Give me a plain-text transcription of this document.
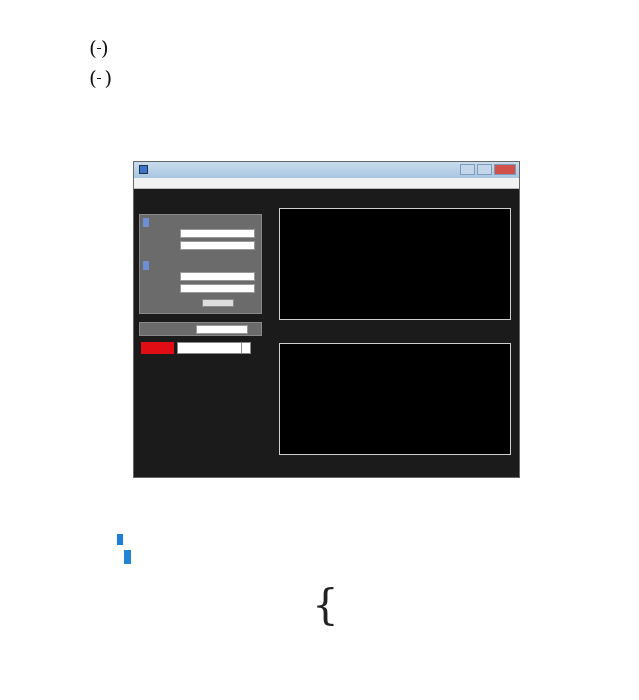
( )
( )
{
